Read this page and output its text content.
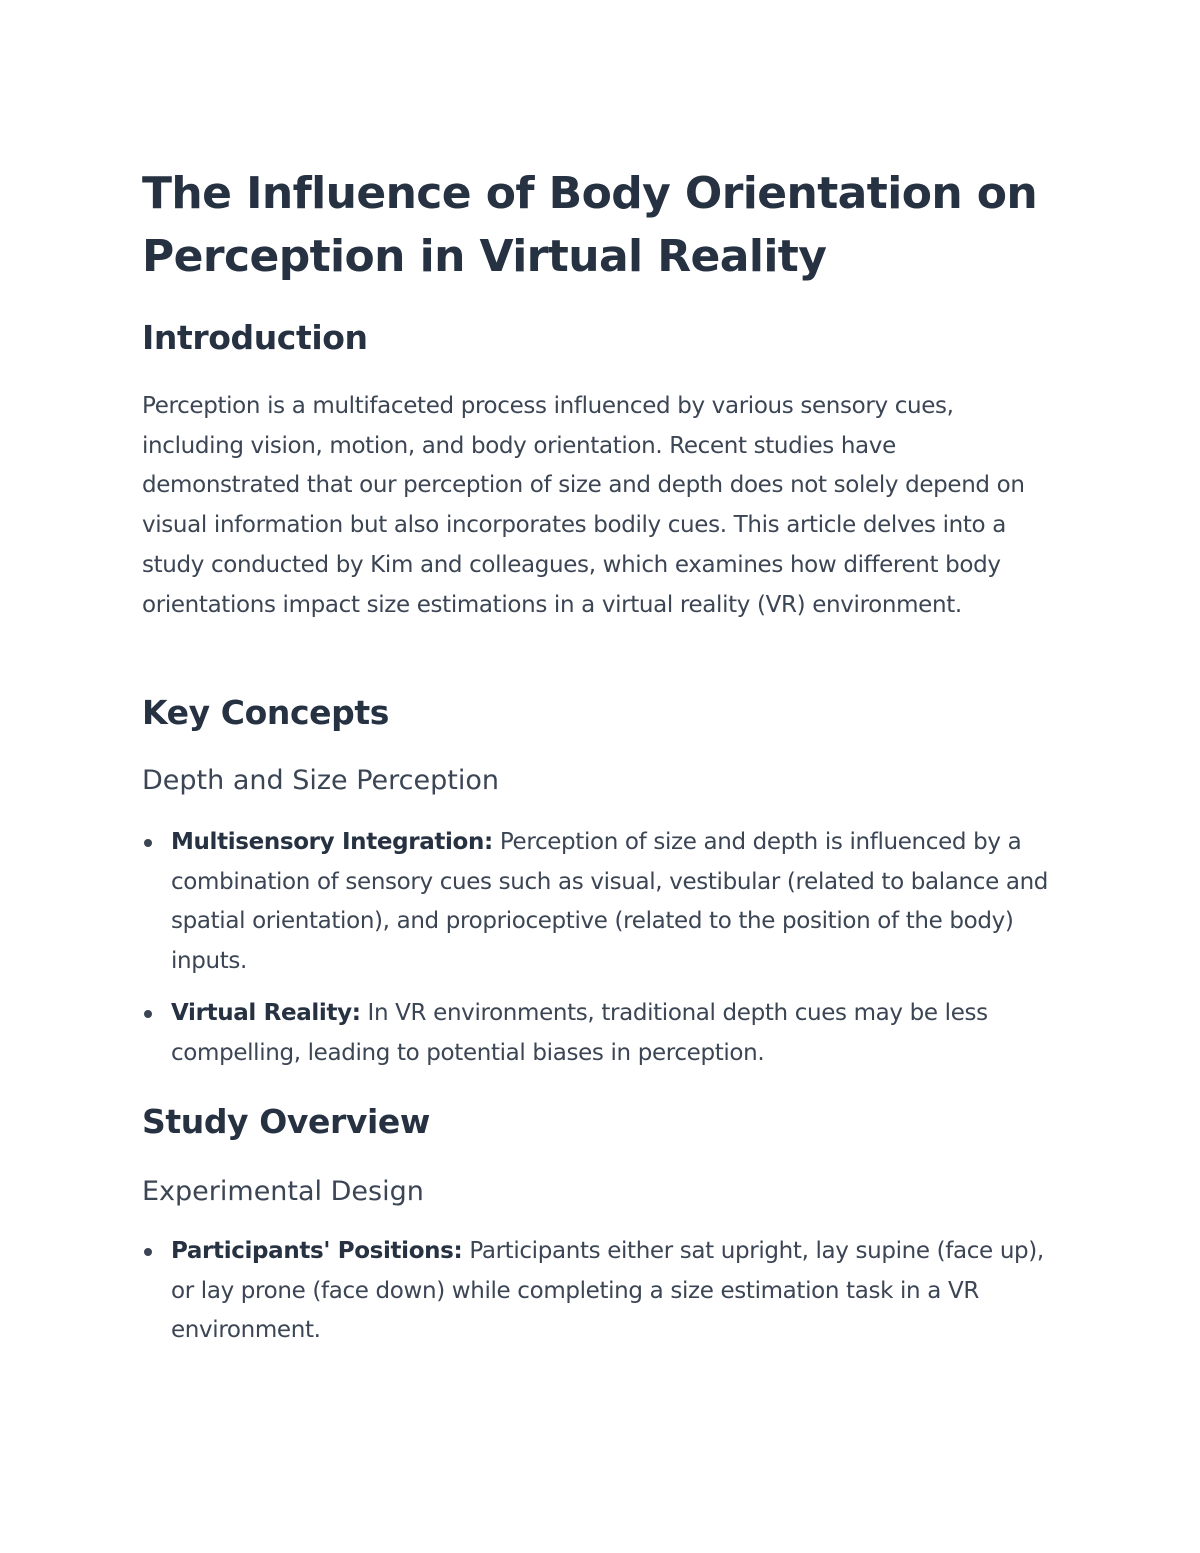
The Influence of Body Orientation on Perception in Virtual Reality
Introduction

Perception is a multifaceted process influenced by various sensory cues, including vision, motion, and body orientation. Recent studies have demonstrated that our perception of size and depth does not solely depend on visual information but also incorporates bodily cues. This article delves into a study conducted by Kim and colleagues, which examines how different body orientations impact size estimations in a virtual reality (VR) environment.

Key Concepts
Depth and Size Perception
Multisensory Integration: Perception of size and depth is influenced by a combination of sensory cues such as visual, vestibular (related to balance and spatial orientation), and proprioceptive (related to the position of the body) inputs.
Virtual Reality: In VR environments, traditional depth cues may be less compelling, leading to potential biases in perception.
Study Overview
Experimental Design
Participants' Positions: Participants either sat upright, lay supine (face up), or lay prone (face down) while completing a size estimation task in a VR environment.
